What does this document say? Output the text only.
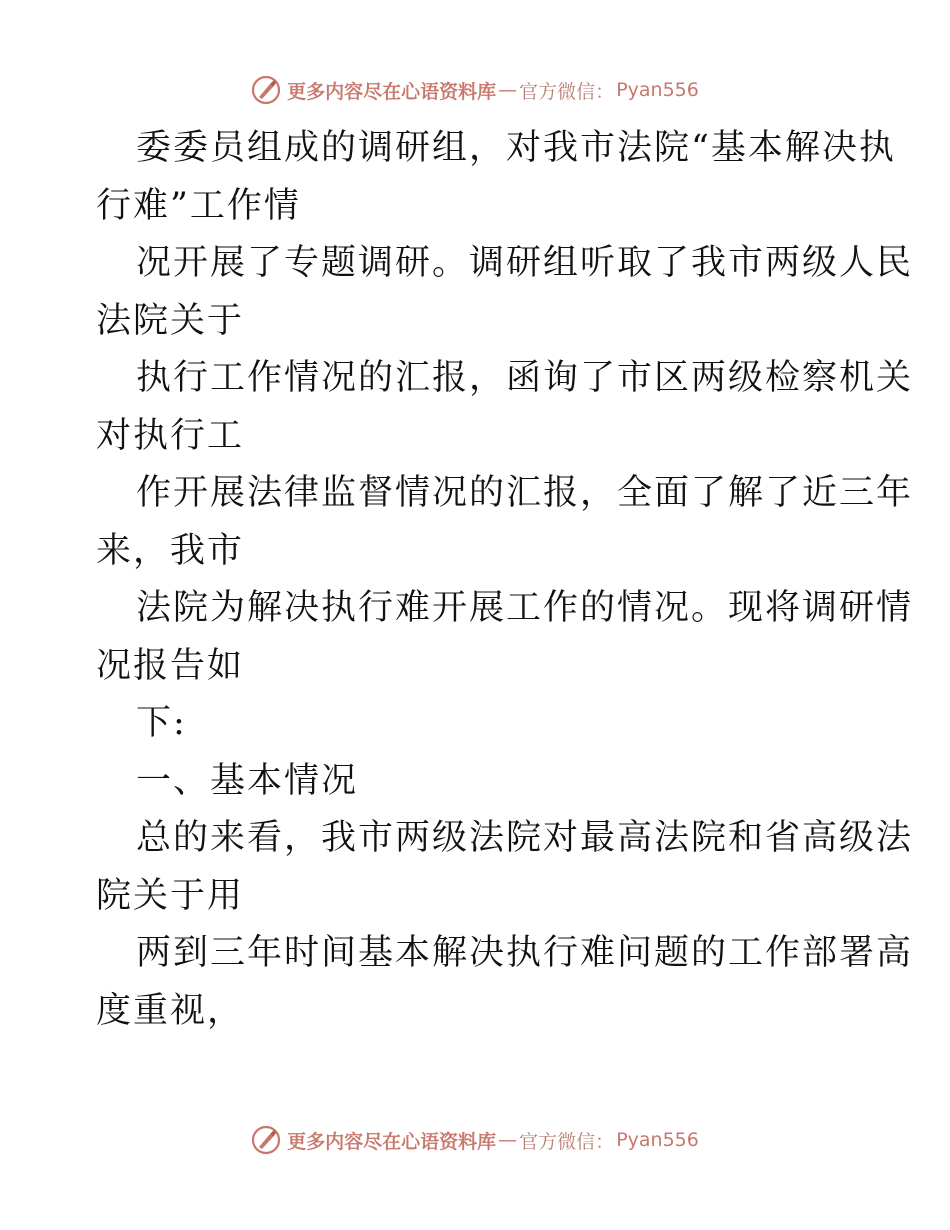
更多内容尽在心语资料库 — 官方微信： Pyan556
委委员组成的调研组，对我市法院“基本解决执
行难”工作情
况开展了专题调研。调研组听取了我市两级人民
法院关于
执行工作情况的汇报，函询了市区两级检察机关
对执行工
作开展法律监督情况的汇报，全面了解了近三年
来，我市
法院为解决执行难开展工作的情况。现将调研情
况报告如
下:
一、基本情况
总的来看，我市两级法院对最高法院和省高级法
院关于用
两到三年时间基本解决执行难问题的工作部署高
度重视，
更多内容尽在心语资料库 — 官方微信： Pyan556
